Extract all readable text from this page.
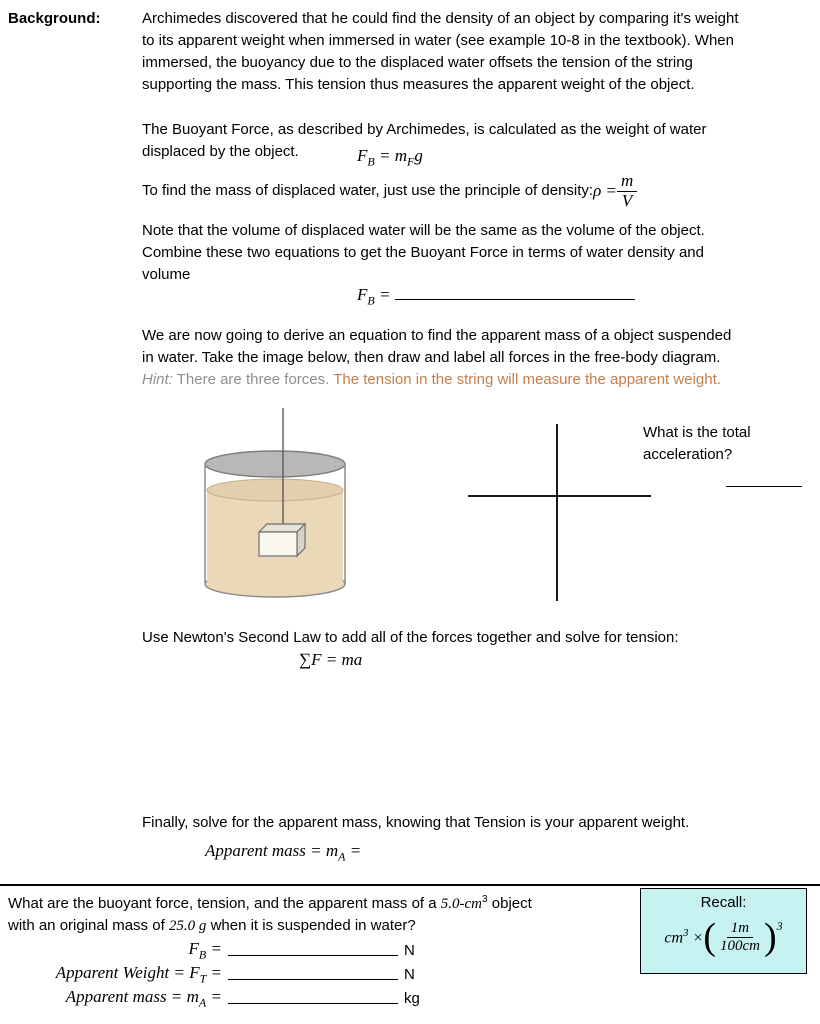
Background:	Archimedes discovered that he could find the density of an object by comparing it's weight
to its apparent weight when immersed in water (see example 10-8 in the textbook). When
immersed, the buoyancy due to the displaced water offsets the tension of the string
supporting the mass. This tension thus measures the apparent weight of the object.
The Buoyant Force, as described by Archimedes, is calculated as the weight of water
displaced by the object.	$F_B = m_Fg$
To find the mass of displaced water, just use the principle of density: $\rho = \frac{m}{V}$
Note that the volume of displaced water will be the same as the volume of the object.
Combine these two equations to get the Buoyant Force in terms of water density and
volume
$F_B$ =
We are now going to derive an equation to find the apparent mass of a object suspended
in water. Take the image below, then draw and label all forces in the free-body diagram.
Hint: There are three forces. The tension in the string will measure the apparent weight.
What is the total
acceleration?
Use Newton's Second Law to add all of the forces together and solve for tension:
∑F = ma
Finally, solve for the apparent mass, knowing that Tension is your apparent weight.
Apparent mass = $m_A$ =
What are the buoyant force, tension, and the apparent mass of a $5.0-cm^3$ object
with an original mass of 25.0 g when it is suspended in water?
$F_B$ =	N
Apparent Weight = $F_T$ =	N
Apparent mass = $m_A$ =	kg
Recall:
$cm^3$ × ( $\frac{1m}{100cm}$ ) 3
